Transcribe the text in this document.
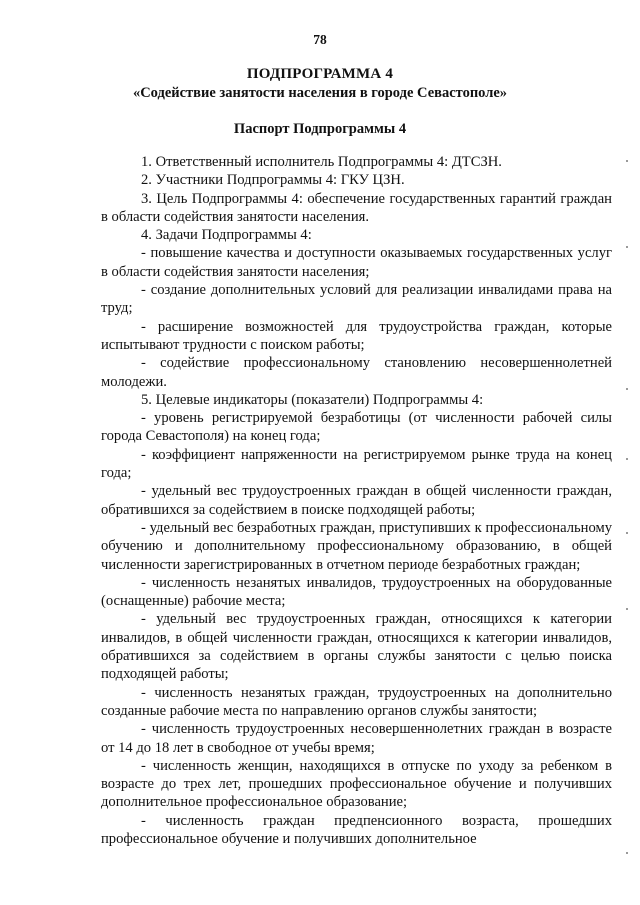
78
ПОДПРОГРАММА 4
«Содействие занятости населения в городе Севастополе»
Паспорт Подпрограммы 4

1. Ответственный исполнитель Подпрограммы 4: ДТСЗН.

2. Участники Подпрограммы 4: ГКУ ЦЗН.

3. Цель Подпрограммы 4: обеспечение государственных гарантий граждан в области содействия занятости населения.

4. Задачи Подпрограммы 4:

- повышение качества и доступности оказываемых государственных услуг в области содействия занятости населения;

- создание дополнительных условий для реализации инвалидами права на труд;

- расширение возможностей для трудоустройства граждан, которые испытывают трудности с поиском работы;

- содействие профессиональному становлению несовершеннолетней молодежи.

5. Целевые индикаторы (показатели) Подпрограммы 4:

- уровень регистрируемой безработицы (от численности рабочей силы города Севастополя) на конец года;

- коэффициент напряженности на регистрируемом рынке труда на конец года;

- удельный вес трудоустроенных граждан в общей численности граждан, обратившихся за содействием в поиске подходящей работы;

- удельный вес безработных граждан, приступивших к профессиональному обучению и дополнительному профессиональному образованию, в общей численности зарегистрированных в отчетном периоде безработных граждан;

- численность незанятых инвалидов, трудоустроенных на оборудованные (оснащенные) рабочие места;

- удельный вес трудоустроенных граждан, относящихся к категории инвалидов, в общей численности граждан, относящихся к категории инвалидов, обратившихся за содействием в органы службы занятости с целью поиска подходящей работы;

- численность незанятых граждан, трудоустроенных на дополнительно созданные рабочие места по направлению органов службы занятости;

- численность трудоустроенных несовершеннолетних граждан в возрасте от 14 до 18 лет в свободное от учебы время;

- численность женщин, находящихся в отпуске по уходу за ребенком в возрасте до трех лет, прошедших профессиональное обучение и получивших дополнительное профессиональное образование;

- численность граждан предпенсионного возраста, прошедших профессиональное обучение и получивших дополнительное
